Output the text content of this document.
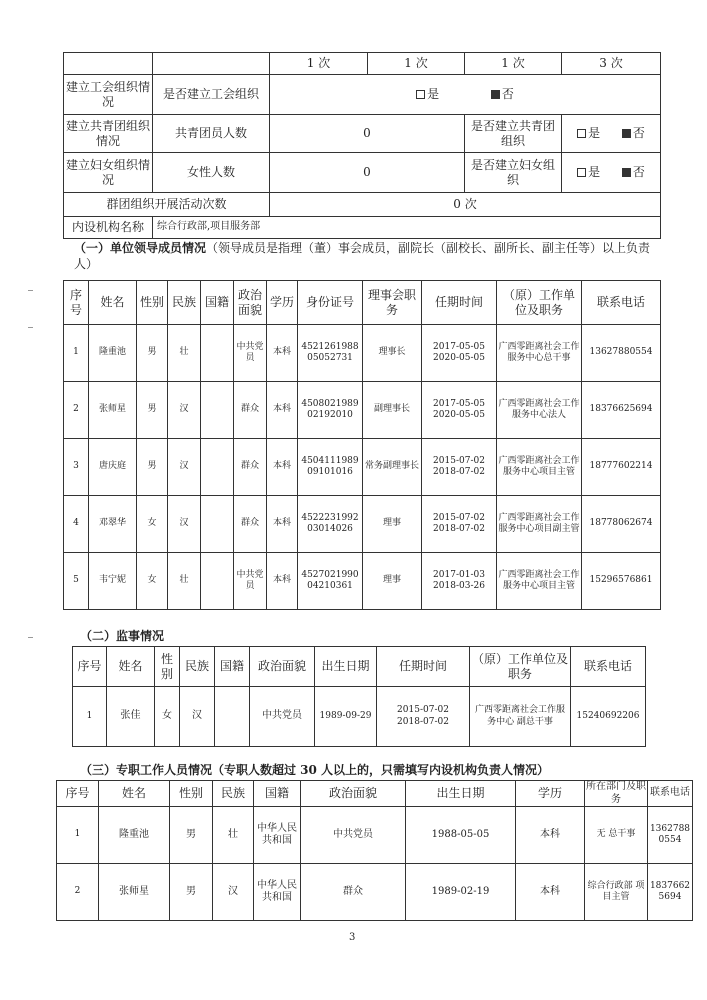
		1 次	1 次	1 次	3 次
建立工会组织情况	是否建立工会组织	是 否			
建立共青团组织情况	共青团员人数	0		是否建立共青团组织	是 否
建立妇女组织情况	女性人数	0		是否建立妇女组织	是 否
群团组织开展活动次数		0 次			
内设机构名称	综合行政部,项目服务部				
（一）单位领导成员情况（领导成员是指理（董）事会成员，副院长（副校长、副所长、副主任等）以上负责人）
序号	姓名	性别	民族	国籍	政治面貌	学历	身份证号	理事会职务	任期时间	（原）工作单位及职务	联系电话
1	隆重池	男	壮		中共党员	本科	452126198805052731	理事长	2017-05-05
2020-05-05	广西零距离社会工作服务中心总干事	13627880554
2	张师星	男	汉		群众	本科	450802198902192010	副理事长	2017-05-05
2020-05-05	广西零距离社会工作服务中心法人	18376625694
3	唐庆庭	男	汉		群众	本科	450411198909101016	常务副理事长	2015-07-02
2018-07-02	广西零距离社会工作服务中心项目主管	18777602214
4	邓翠华	女	汉		群众	本科	452223199203014026	理事	2015-07-02
2018-07-02	广西零距离社会工作服务中心项目副主管	18778062674
5	韦宁妮	女	壮		中共党员	本科	452702199004210361	理事	2017-01-03
2018-03-26	广西零距离社会工作服务中心项目主管	15296576861
（二）监事情况
序号	姓名	性别	民族	国籍	政治面貌	出生日期	任期时间	（原）工作单位及职务	联系电话
1	张佳	女	汉		中共党员	1989-09-29	2015-07-02
2018-07-02	广西零距离社会工作服务中心 副总干事	15240692206
（三）专职工作人员情况（专职人数超过 30 人以上的，只需填写内设机构负责人情况）
序号	姓名	性别	民族	国籍	政治面貌	出生日期	学历	所在部门及职务	联系电话
1	隆重池	男	壮	中华人民共和国	中共党员	1988-05-05	本科	无 总干事	13627880554
2	张师星	男	汉	中华人民共和国	群众	1989-02-19	本科	综合行政部 项目主管	18376625694
3
